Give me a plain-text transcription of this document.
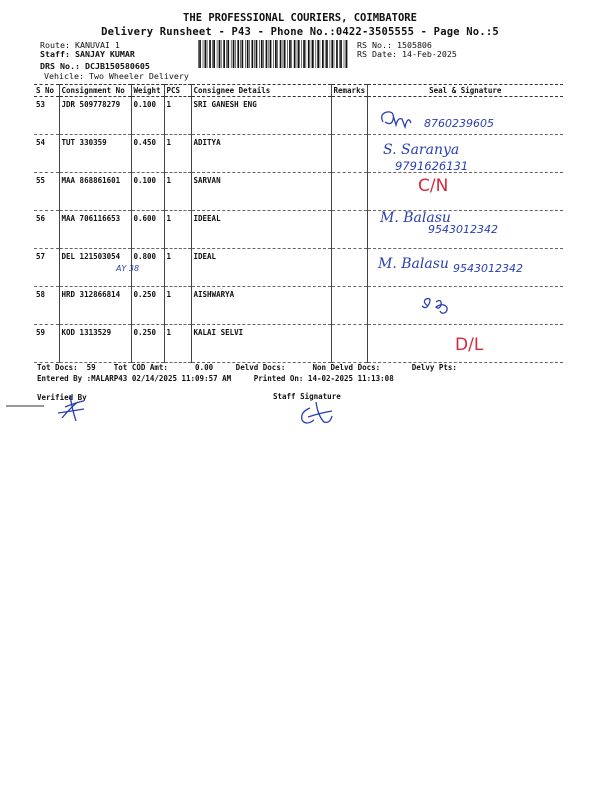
THE PROFESSIONAL COURIERS, COIMBATORE
Delivery Runsheet - P43 - Phone No.:0422-3505555 - Page No.:5
Route: KANUVAI 1
Staff: SANJAY KUMAR
DRS No.: DCJB150580605
Vehicle: Two Wheeler Delivery
RS No.: 1505806
RS Date: 14-Feb-2025
S No	Consignment No	Weight	PCS	Consignee Details	Remarks	Seal & Signature
53	JDR 509778279	0.100	1	SRI GANESH ENG		
54	TUT 330359	0.450	1	ADITYA		
55	MAA 868861601	0.100	1	SARVAN		
56	MAA 706116653	0.600	1	IDEEAL		
57	DEL 121503054	0.800	1	IDEAL		
58	HRD 312866814	0.250	1	AISHWARYA		
59	KOD 1313529	0.250	1	KALAI SELVI		
Tot Docs:  59    Tot COD Amt:      0.00     Delvd Docs:      Non Delvd Docs:       Delvy Pts:
Entered By :MALARP43 02/14/2025 11:09:57 AM     Printed On: 14-02-2025 11:13:08
Verified By	Staff Signature
8760239605
S. Saranya
9791626131
C/N
M. Balasu
9543012342
M. Balasu 9543012342
AY 38
D/L
